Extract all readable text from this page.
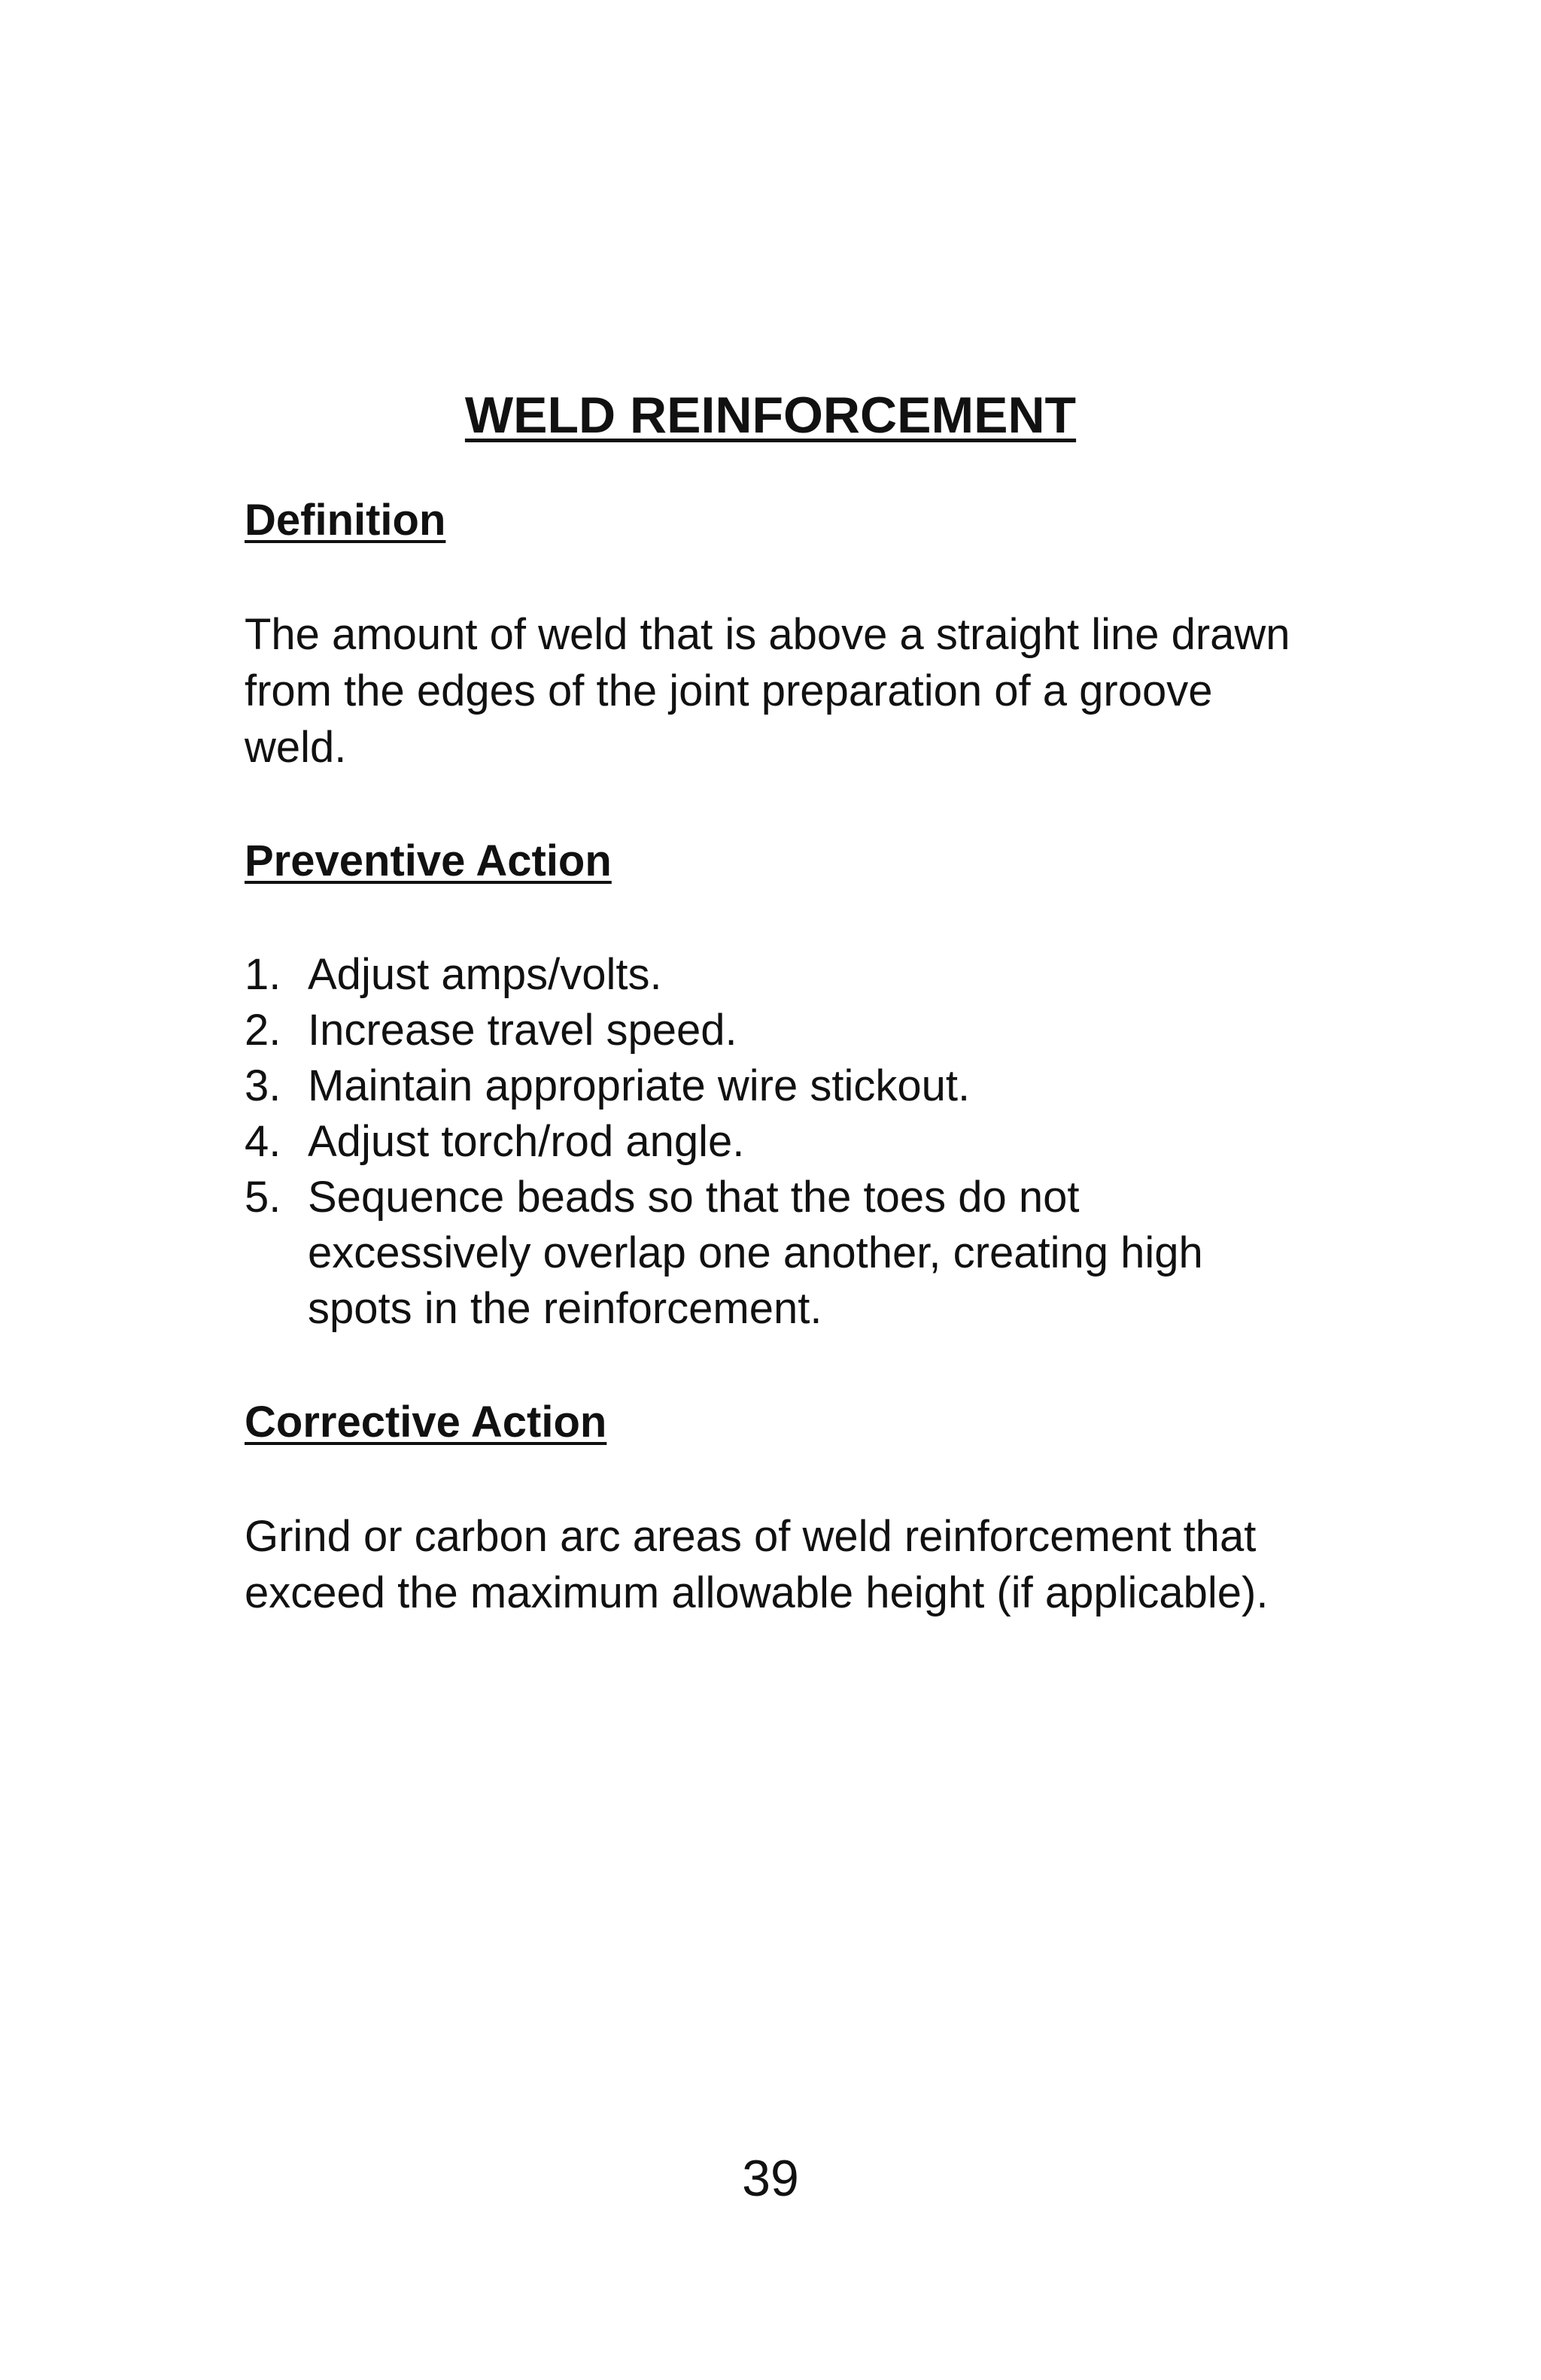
WELD REINFORCEMENT
Definition

The amount of weld that is above a straight line drawn from the edges of the joint preparation of a groove weld.

Preventive Action
1. Adjust amps/volts.
2. Increase travel speed.
3. Maintain appropriate wire stickout.
4. Adjust torch/rod angle.
5. Sequence beads so that the toes do not excessively overlap one another, creating high spots in the reinforcement.
Corrective Action

Grind or carbon arc areas of weld reinforcement that exceed the maximum allowable height (if applicable).

39
